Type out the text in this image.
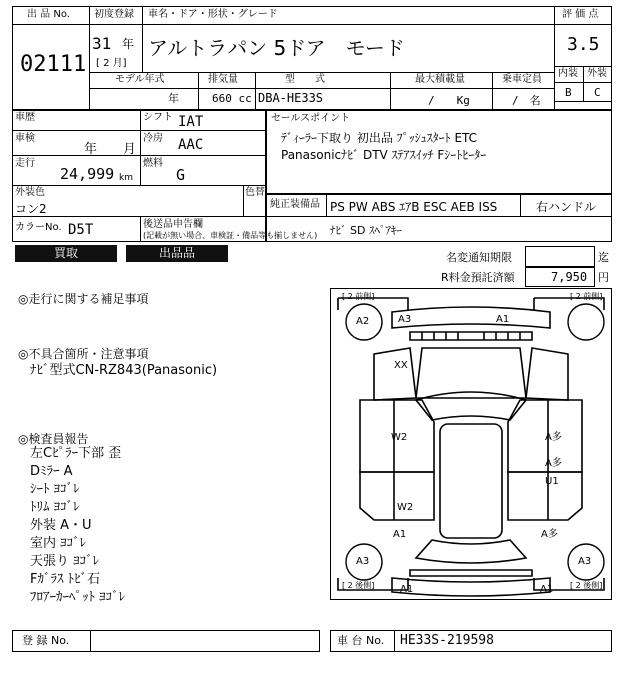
出 品 No.
02111
初度登録 車名・ドア・形状・グレード
31 年
[ 2 月]
アルトラパン 5ドア　モード
モデル年式	排気量	型　　式	最大積載量	乗車定員
年	660 cc DBA-HE33S	/　　Kg	/　名
評 価 点
3.5
内装 外装
B C
車歴	シフト IAT
車検
年　　月
冷房 AAC
走行
24,999 km
燃料
G
外装色
コン2
色替
カラーNo. D5T	後送品申告欄
(記載が無い場合、車検証・備品等も揃しません)
買取	出品品
セールスポイント
ﾃﾞｨｰﾗｰ下取り 初出品 ﾌﾟｯｼｭｽﾀｰﾄ ETC
Panasonicﾅﾋﾞ DTV ｽﾃｱｽｲｯﾁ Fｼｰﾄﾋｰﾀｰ
純正装備品 PS PW ABS ｴｱB ESC AEB ISS	右ハンドル
ﾅﾋﾞ SD ｽﾍﾟｱｷｰ
名変通知期限	迄
R料金預託済額	7,950 円
◎走行に関する補足事項
◎不具合箇所・注意事項
ﾅﾋﾞ型式CN-RZ843(Panasonic)
◎検査員報告
左Cﾋﾟﾗｰ下部 歪
Dﾐﾗｰ A
ｼｰﾄ ﾖｺﾞﾚ
ﾄﾘﾑ ﾖｺﾞﾚ
外装 A・U
室内 ﾖｺﾞﾚ
天張り ﾖｺﾞﾚ
Fｶﾞﾗｽ ﾄﾋﾞ石
ﾌﾛｱｰｶｰﾍﾟｯﾄ ﾖｺﾞﾚ
[ 2 前側]	[ 2 前側]
[ 2 後側]	[ 2 後側]
A2
A3	A3
A3	A1
XX
W2
W2
A1
A多
A多
U1
A多
A1	A1
登 録 No.	車 台 No. HE33S-219598
